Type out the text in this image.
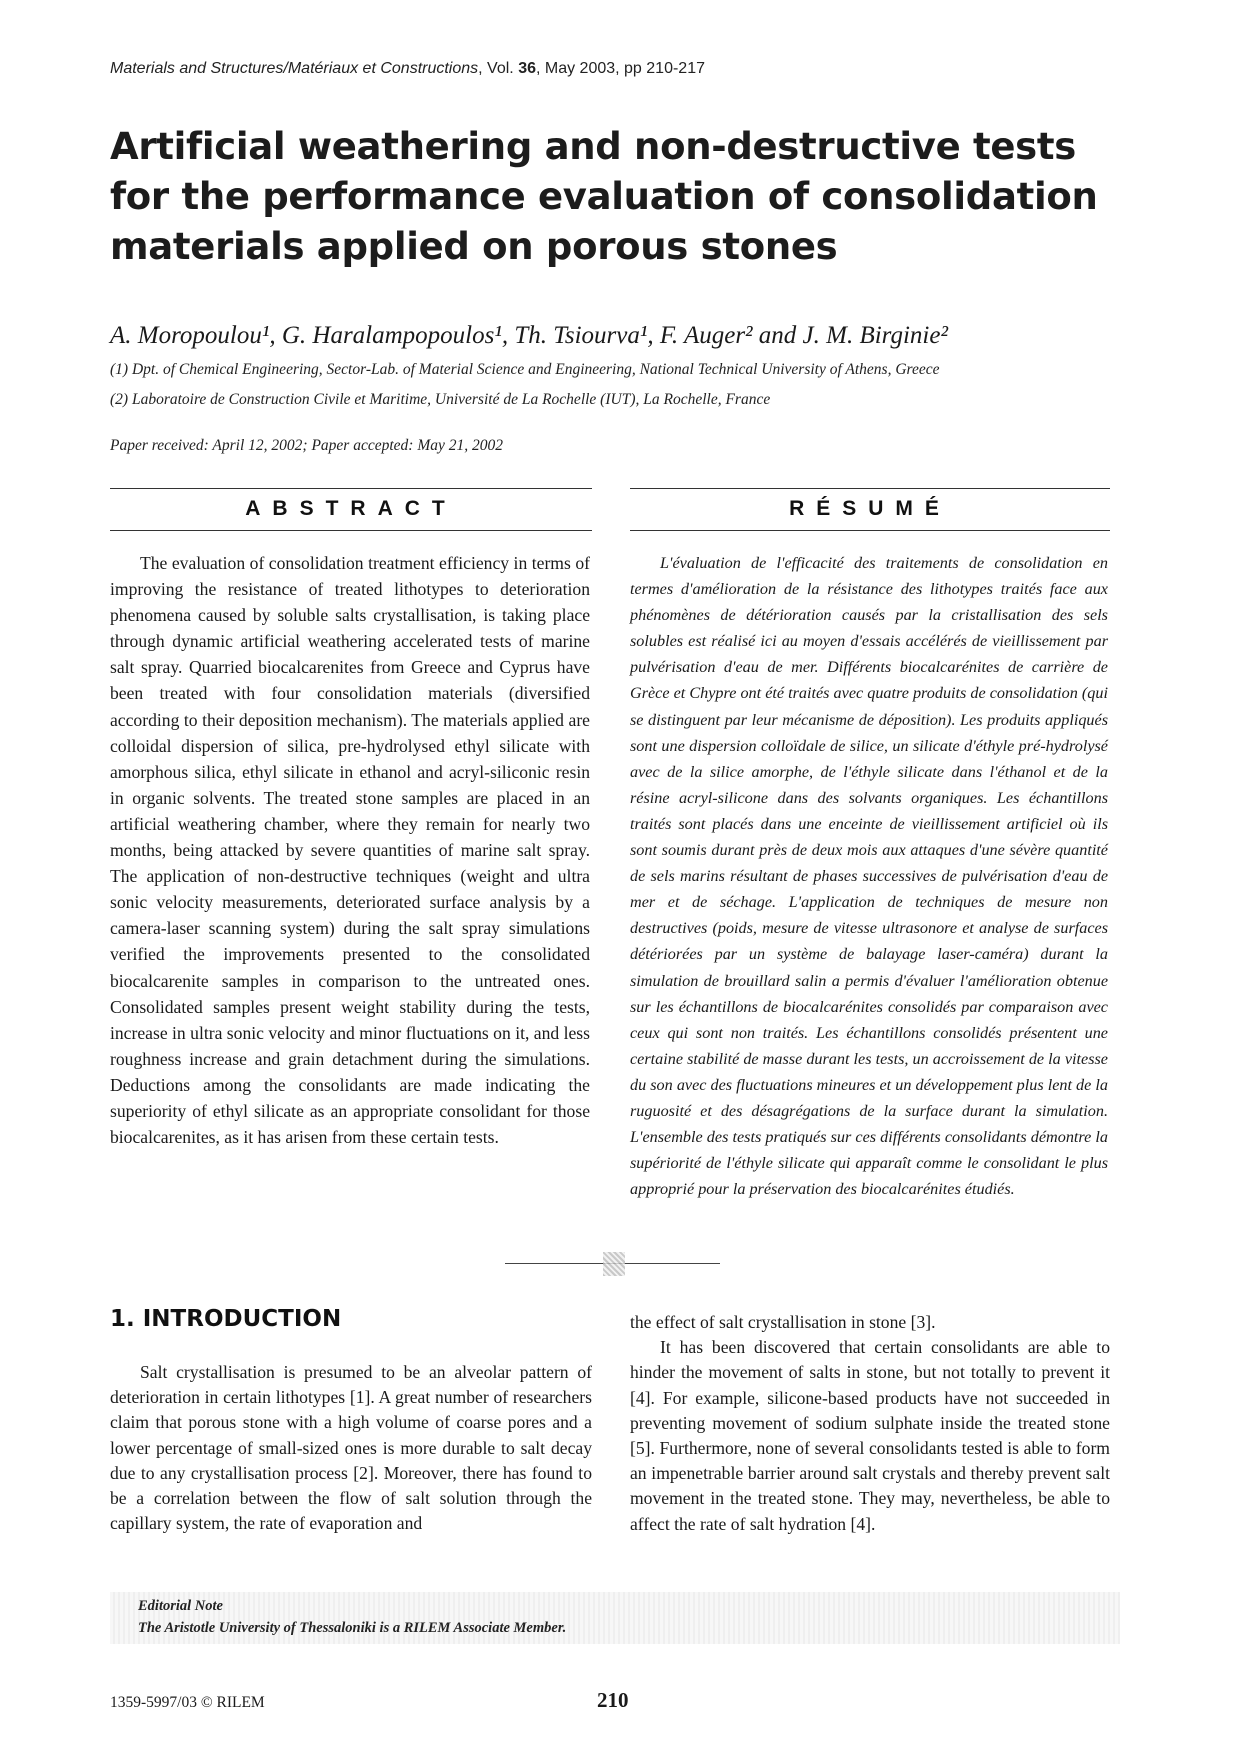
Materials and Structures/Matériaux et Constructions, Vol. 36, May 2003, pp 210-217
Artificial weathering and non-destructive tests for the performance evaluation of consolidation materials applied on porous stones
A. Moropoulou¹, G. Haralampopoulos¹, Th. Tsiourva¹, F. Auger² and J. M. Birginie²
(1) Dpt. of Chemical Engineering, Sector-Lab. of Material Science and Engineering, National Technical University of Athens, Greece
(2) Laboratoire de Construction Civile et Maritime, Université de La Rochelle (IUT), La Rochelle, France
Paper received: April 12, 2002; Paper accepted: May 21, 2002
ABSTRACT	RÉSUMÉ
The evaluation of consolidation treatment efficiency in terms of improving the resistance of treated lithotypes to deterioration phenomena caused by soluble salts crystallisation, is taking place through dynamic artificial weathering accelerated tests of marine salt spray. Quarried biocalcarenites from Greece and Cyprus have been treated with four consolidation materials (diversified according to their deposition mechanism). The materials applied are colloidal dispersion of silica, pre-hydrolysed ethyl silicate with amorphous silica, ethyl silicate in ethanol and acryl-siliconic resin in organic solvents. The treated stone samples are placed in an artificial weathering chamber, where they remain for nearly two months, being attacked by severe quantities of marine salt spray. The application of non-destructive techniques (weight and ultra sonic velocity measurements, deteriorated surface analysis by a camera-laser scanning system) during the salt spray simulations verified the improvements presented to the consolidated biocalcarenite samples in comparison to the untreated ones. Consolidated samples present weight stability during the tests, increase in ultra sonic velocity and minor fluctuations on it, and less roughness increase and grain detachment during the simulations. Deductions among the consolidants are made indicating the superiority of ethyl silicate as an appropriate consolidant for those biocalcarenites, as it has arisen from these certain tests.
L'évaluation de l'efficacité des traitements de consolidation en termes d'amélioration de la résistance des lithotypes traités face aux phénomènes de détérioration causés par la cristallisation des sels solubles est réalisé ici au moyen d'essais accélérés de vieillissement par pulvérisation d'eau de mer. Différents biocalcarénites de carrière de Grèce et Chypre ont été traités avec quatre produits de consolidation (qui se distinguent par leur mécanisme de déposition). Les produits appliqués sont une dispersion colloïdale de silice, un silicate d'éthyle pré-hydrolysé avec de la silice amorphe, de l'éthyle silicate dans l'éthanol et de la résine acryl-silicone dans des solvants organiques. Les échantillons traités sont placés dans une enceinte de vieillissement artificiel où ils sont soumis durant près de deux mois aux attaques d'une sévère quantité de sels marins résultant de phases successives de pulvérisation d'eau de mer et de séchage. L'application de techniques de mesure non destructives (poids, mesure de vitesse ultrasonore et analyse de surfaces détériorées par un système de balayage laser-caméra) durant la simulation de brouillard salin a permis d'évaluer l'amélioration obtenue sur les échantillons de biocalcarénites consolidés par comparaison avec ceux qui sont non traités. Les échantillons consolidés présentent une certaine stabilité de masse durant les tests, un accroissement de la vitesse du son avec des fluctuations mineures et un développement plus lent de la ruguosité et des désagrégations de la surface durant la simulation. L'ensemble des tests pratiqués sur ces différents consolidants démontre la supériorité de l'éthyle silicate qui apparaît comme le consolidant le plus approprié pour la préservation des biocalcarénites étudiés.
1. INTRODUCTION
Salt crystallisation is presumed to be an alveolar pattern of deterioration in certain lithotypes [1]. A great number of researchers claim that porous stone with a high volume of coarse pores and a lower percentage of small-sized ones is more durable to salt decay due to any crystallisation process [2]. Moreover, there has found to be a correlation between the flow of salt solution through the capillary system, the rate of evaporation and

the effect of salt crystallisation in stone [3].

It has been discovered that certain consolidants are able to hinder the movement of salts in stone, but not totally to prevent it [4]. For example, silicone-based products have not succeeded in preventing movement of sodium sulphate inside the treated stone [5]. Furthermore, none of several consolidants tested is able to form an impenetrable barrier around salt crystals and thereby prevent salt movement in the treated stone. They may, nevertheless, be able to affect the rate of salt hydration [4].

Editorial Note
The Aristotle University of Thessaloniki is a RILEM Associate Member.
1359-5997/03 © RILEM	210
